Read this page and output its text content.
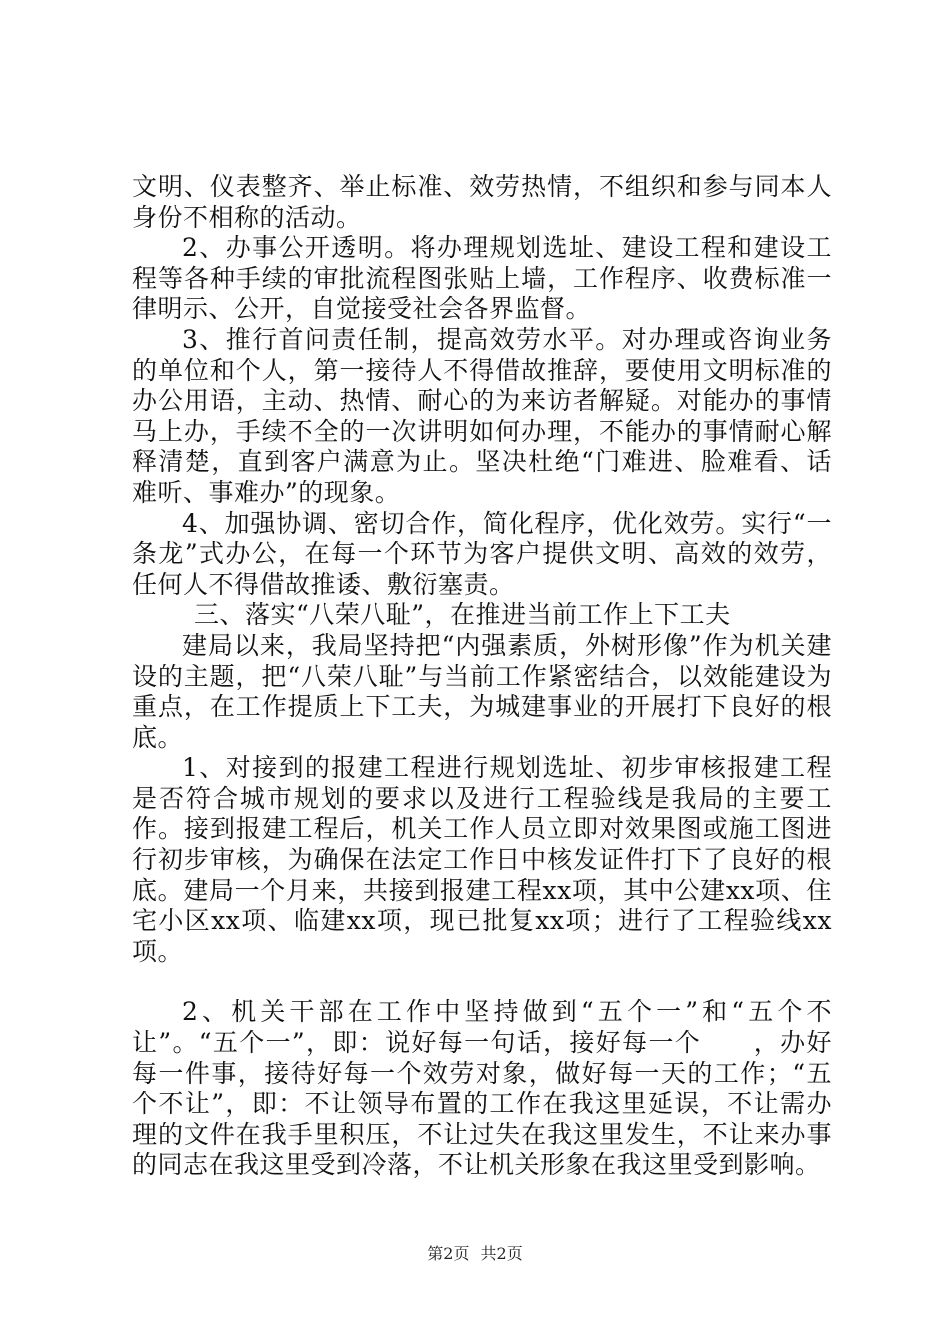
文明、仪表整齐、举止标准、效劳热情，不组织和参与同本人身份不相称的活动。

2、办事公开透明。将办理规划选址、建设工程和建设工程等各种手续的审批流程图张贴上墙，工作程序、收费标准一律明示、公开，自觉接受社会各界监督。

3、推行首问责任制，提高效劳水平。对办理或咨询业务的单位和个人，第一接待人不得借故推辞，要使用文明标准的办公用语，主动、热情、耐心的为来访者解疑。对能办的事情马上办，手续不全的一次讲明如何办理，不能办的事情耐心解释清楚，直到客户满意为止。坚决杜绝“门难进、脸难看、话难听、事难办”的现象。

4、加强协调、密切合作，简化程序，优化效劳。实行“一条龙”式办公，在每一个环节为客户提供文明、高效的效劳，任何人不得借故推诿、敷衍塞责。

三、落实“八荣八耻”，在推进当前工作上下工夫

建局以来，我局坚持把“内强素质，外树形像”作为机关建设的主题，把“八荣八耻”与当前工作紧密结合，以效能建设为重点，在工作提质上下工夫，为城建事业的开展打下良好的根底。

1、对接到的报建工程进行规划选址、初步审核报建工程是否符合城市规划的要求以及进行工程验线是我局的主要工作。接到报建工程后，机关工作人员立即对效果图或施工图进行初步审核，为确保在法定工作日中核发证件打下了良好的根底。建局一个月来，共接到报建工程xx项，其中公建xx项、住宅小区xx项、临建xx项，现已批复xx项；进行了工程验线xx项。

2、机关干部在工作中坚持做到“五个一”和“五个不让”。“五个一”，即：说好每一句话，接好每一个　　，办好每一件事，接待好每一个效劳对象，做好每一天的工作；“五个不让”，即：不让领导布置的工作在我这里延误，不让需办理的文件在我手里积压，不让过失在我这里发生，不让来办事的同志在我这里受到冷落，不让机关形象在我这里受到影响。

第2页 共2页
